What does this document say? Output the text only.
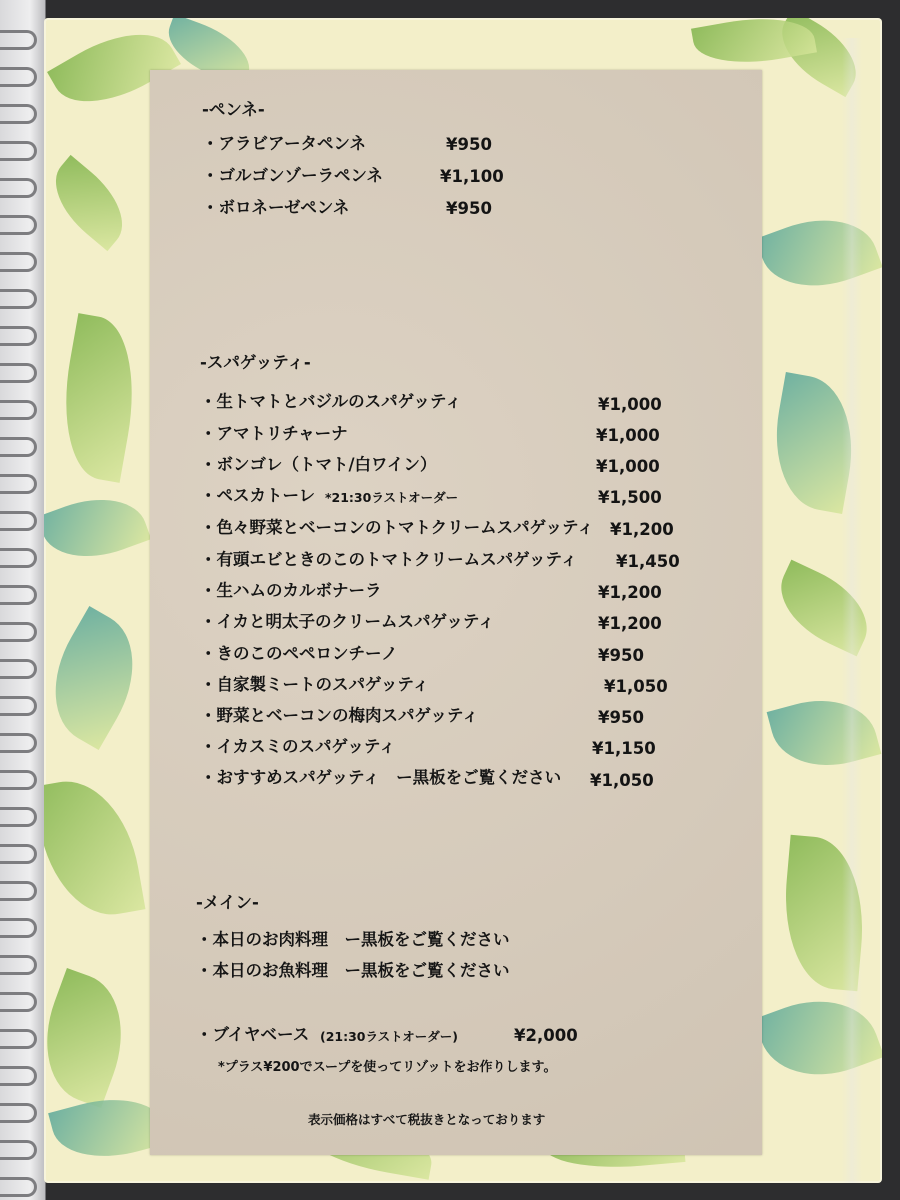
-ペンネ-
・アラビアータペンネ	¥950
・ゴルゴンゾーラペンネ	¥1,100
・ボロネーゼペンネ	¥950
-スパゲッティ-
・生トマトとバジルのスパゲッティ	¥1,000
・アマトリチャーナ	¥1,000
・ボンゴレ（トマト/白ワイン）	¥1,000
・ペスカトーレ *21:30ラストオーダー	¥1,500
・色々野菜とベーコンのトマトクリームスパゲッティ ¥1,200
・有頭エビときのこのトマトクリームスパゲッティ ¥1,450
・生ハムのカルボナーラ	¥1,200
・イカと明太子のクリームスパゲッティ	¥1,200
・きのこのペペロンチーノ	¥950
・自家製ミートのスパゲッティ	¥1,050
・野菜とベーコンの梅肉スパゲッティ	¥950
・イカスミのスパゲッティ	¥1,150
・おすすめスパゲッティ　ー黒板をご覧ください ¥1,050
-メイン-
・本日のお肉料理　ー黒板をご覧ください
・本日のお魚料理　ー黒板をご覧ください
・ブイヤベース (21:30ラストオーダー)	¥2,000
*プラス¥200でスープを使ってリゾットをお作りします。
表示価格はすべて税抜きとなっております
